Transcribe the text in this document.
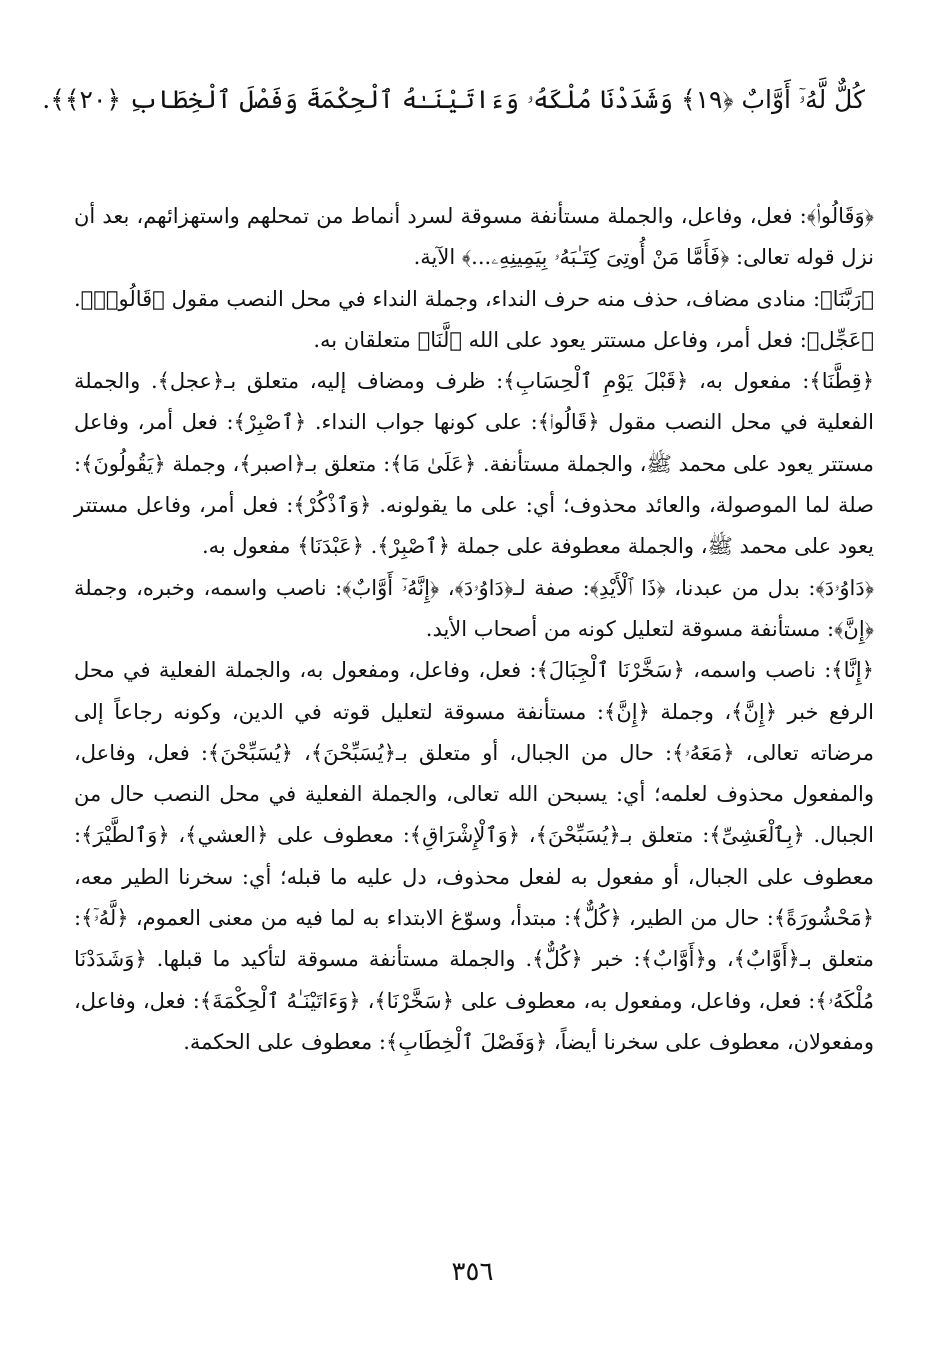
كُلٌّ لَّهُۥٓ أَوَّابٌ ﴿١٩﴾ وَشَدَدْنَا مُلْكَهُۥ وَءَاتَيْنَـٰهُ ٱلْحِكْمَةَ وَفَصْلَ ٱلْخِطَابِ ﴿٢٠﴾﴾.

﴿وَقَالُوا۟﴾: فعل، وفاعل، والجملة مستأنفة مسوقة لسرد أنماط من تمحلهم واستهزائهم، بعد أن نزل قوله تعالى: ﴿فَأَمَّا مَنْ أُوتِىَ كِتَـٰبَهُۥ بِيَمِينِهِۦ...﴾ الآية.

﴿رَبَّنَا﴾: منادى مضاف، حذف منه حرف النداء، وجملة النداء في محل النصب مقول ﴿قَالُوا۟﴾. ﴿عَجِّل﴾: فعل أمر، وفاعل مستتر يعود على الله ﴿لَّنَا﴾ متعلقان به.

﴿قِطَّنَا﴾: مفعول به، ﴿قَبْلَ يَوْمِ ٱلْحِسَابِ﴾: ظرف ومضاف إليه، متعلق بـ﴿عجل﴾. والجملة الفعلية في محل النصب مقول ﴿قَالُوا۟﴾: على كونها جواب النداء. ﴿ٱصْبِرْ﴾: فعل أمر، وفاعل مستتر يعود على محمد ﷺ، والجملة مستأنفة. ﴿عَلَىٰ مَا﴾: متعلق بـ﴿اصبر﴾، وجملة ﴿يَقُولُونَ﴾: صلة لما الموصولة، والعائد محذوف؛ أي: على ما يقولونه. ﴿وَٱذْكُرْ﴾: فعل أمر، وفاعل مستتر يعود على محمد ﷺ، والجملة معطوفة على جملة ﴿ٱصْبِرْ﴾. ﴿عَبْدَنَا﴾ مفعول به.

﴿دَاوُۥدَ﴾: بدل من عبدنا، ﴿ذَا ٱلْأَيْدِ﴾: صفة لـ﴿دَاوُۥدَ﴾، ﴿إِنَّهُۥٓ أَوَّابٌ﴾: ناصب واسمه، وخبره، وجملة ﴿إِنَّ﴾: مستأنفة مسوقة لتعليل كونه من أصحاب الأيد.

﴿إِنَّا﴾: ناصب واسمه، ﴿سَخَّرْنَا ٱلْجِبَالَ﴾: فعل، وفاعل، ومفعول به، والجملة الفعلية في محل الرفع خبر ﴿إِنَّ﴾، وجملة ﴿إِنَّ﴾: مستأنفة مسوقة لتعليل قوته في الدين، وكونه رجاعاً إلى مرضاته تعالى، ﴿مَعَهُۥ﴾: حال من الجبال، أو متعلق بـ﴿يُسَبِّحْنَ﴾، ﴿يُسَبِّحْنَ﴾: فعل، وفاعل، والمفعول محذوف لعلمه؛ أي: يسبحن الله تعالى، والجملة الفعلية في محل النصب حال من الجبال. ﴿بِٱلْعَشِىِّ﴾: متعلق بـ﴿يُسَبِّحْنَ﴾، ﴿وَٱلْإِشْرَاقِ﴾: معطوف على ﴿العشي﴾، ﴿وَٱلطَّيْرَ﴾: معطوف على الجبال، أو مفعول به لفعل محذوف، دل عليه ما قبله؛ أي: سخرنا الطير معه، ﴿مَحْشُورَةً﴾: حال من الطير، ﴿كُلٌّ﴾: مبتدأ، وسوّغ الابتداء به لما فيه من معنى العموم، ﴿لَّهُۥٓ﴾: متعلق بـ﴿أَوَّابٌ﴾، و﴿أَوَّابٌ﴾: خبر ﴿كُلٌّ﴾. والجملة مستأنفة مسوقة لتأكيد ما قبلها. ﴿وَشَدَدْنَا مُلْكَهُۥ﴾: فعل، وفاعل، ومفعول به، معطوف على ﴿سَخَّرْنَا﴾، ﴿وَءَاتَيْنَـٰهُ ٱلْحِكْمَةَ﴾: فعل، وفاعل، ومفعولان، معطوف على سخرنا أيضاً، ﴿وَفَصْلَ ٱلْخِطَابِ﴾: معطوف على الحكمة.

٣٥٦
